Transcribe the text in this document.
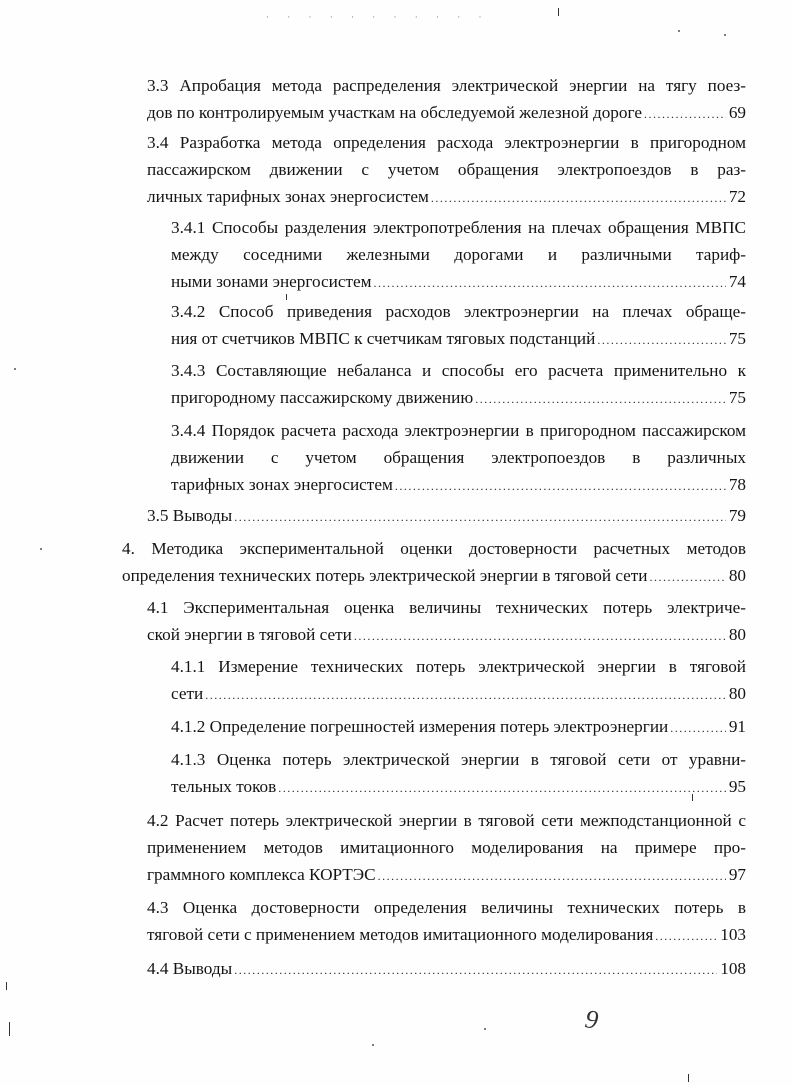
· · · · · · · · · · ·
3.3 Апробация метода распределения электрической энергии на тягу поез-
дов по контролируемым участкам на обследуемой железной дороге .....	69
3.4 Разработка метода определения расхода электроэнергии в пригородном пассажирском движении с учетом обращения электропоездов в раз-
личных тарифных зонах энергосистем .....	72
3.4.1 Способы разделения электропотребления на плечах обращения МВПС между соседними железными дорогами и различными тариф-
ными зонами энергосистем .....	74
3.4.2 Способ приведения расходов электроэнергии на плечах обраще-
ния от счетчиков МВПС к счетчикам тяговых подстанций .....	75
3.4.3 Составляющие небаланса и способы его расчета применительно к
пригородному пассажирскому движению .....	75
3.4.4 Порядок расчета расхода электроэнергии в пригородном пассажирском движении с учетом обращения электропоездов в различных
тарифных зонах энергосистем .....	78
3.5 Выводы .....	79
4. Методика экспериментальной оценки достоверности расчетных методов
определения технических потерь электрической энергии в тяговой сети .....	80
4.1 Экспериментальная оценка величины технических потерь электриче-
ской энергии в тяговой сети .....	80
4.1.1 Измерение технических потерь электрической энергии в тяговой
сети .....	80
4.1.2 Определение погрешностей измерения потерь электроэнергии .....	91
4.1.3 Оценка потерь электрической энергии в тяговой сети от уравни-
тельных токов .....	95
4.2 Расчет потерь электрической энергии в тяговой сети межподстанционной с применением методов имитационного моделирования на примере про-
граммного комплекса КОРТЭС .....	97
4.3 Оценка достоверности определения величины технических потерь в
тяговой сети с применением методов имитационного моделирования .....	103
4.4 Выводы .....	108
9
